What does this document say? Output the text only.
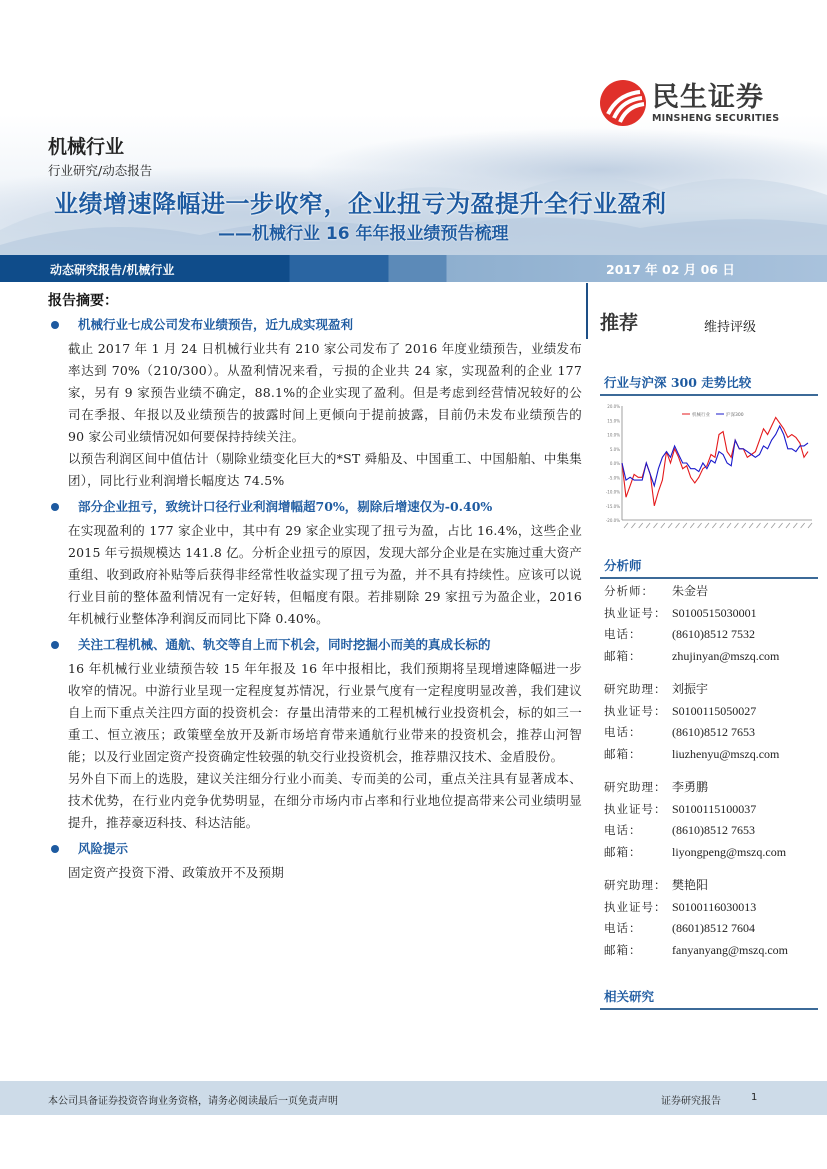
民生证券
MINSHENG SECURITIES
机械行业
行业研究/动态报告
业绩增速降幅进一步收窄，企业扭亏为盈提升全行业盈利
——机械行业 16 年年报业绩预告梳理
动态研究报告/机械行业	2017 年 02 月 06 日
报告摘要：
机械行业七成公司发布业绩预告，近九成实现盈利

截止 2017 年 1 月 24 日机械行业共有 210 家公司发布了 2016 年度业绩预告，业绩发布率达到 70%（210/300）。从盈利情况来看，亏损的企业共 24 家，实现盈利的企业 177 家，另有 9 家预告业绩不确定，88.1%的企业实现了盈利。但是考虑到经营情况较好的公司在季报、年报以及业绩预告的披露时间上更倾向于提前披露，目前仍未发布业绩预告的 90 家公司业绩情况如何要保持持续关注。

以预告利润区间中值估计（剔除业绩变化巨大的*ST 舜船及、中国重工、中国船舶、中集集团），同比行业利润增长幅度达 74.5%

部分企业扭亏，致统计口径行业利润增幅超70%，剔除后增速仅为-0.40%

在实现盈利的 177 家企业中，其中有 29 家企业实现了扭亏为盈，占比 16.4%，这些企业 2015 年亏损规模达 141.8 亿。分析企业扭亏的原因，发现大部分企业是在实施过重大资产重组、收到政府补贴等后获得非经常性收益实现了扭亏为盈，并不具有持续性。应该可以说行业目前的整体盈利情况有一定好转，但幅度有限。若排剔除 29 家扭亏为盈企业，2016 年机械行业整体净利润反而同比下降 0.40%。

关注工程机械、通航、轨交等自上而下机会，同时挖掘小而美的真成长标的

16 年机械行业业绩预告较 15 年年报及 16 年中报相比，我们预期将呈现增速降幅进一步收窄的情况。中游行业呈现一定程度复苏情况，行业景气度有一定程度明显改善，我们建议自上而下重点关注四方面的投资机会：存量出清带来的工程机械行业投资机会，标的如三一重工、恒立液压；政策壁垒放开及新市场培育带来通航行业带来的投资机会，推荐山河智能；以及行业固定资产投资确定性较强的轨交行业投资机会，推荐鼎汉技术、金盾股份。

另外自下而上的选股，建议关注细分行业小而美、专而美的公司，重点关注具有显著成本、技术优势，在行业内竞争优势明显，在细分市场内市占率和行业地位提高带来公司业绩明显提升，推荐豪迈科技、科达洁能。

风险提示

固定资产投资下滑、政策放开不及预期

推荐	维持评级
行业与沪深 300 走势比较
20.0%
15.0%
10.0%
5.0%
0.0%
-5.0%
-10.0%
-15.0%
-20.0%
机械行业	沪深300
分析师
分析师：	朱金岩
执业证号： S0100515030001
电话：	(8610)8512 7532
邮箱：	zhujinyan@mszq.com
研究助理： 刘振宇
执业证号： S0100115050027
电话：	(8610)8512 7653
邮箱：	liuzhenyu@mszq.com
研究助理： 李勇鹏
执业证号： S0100115100037
电话：	(8610)8512 7653
邮箱：	liyongpeng@mszq.com
研究助理： 樊艳阳
执业证号： S0100116030013
电话：	(8601)8512 7604
邮箱：	fanyanyang@mszq.com
相关研究
本公司具备证券投资咨询业务资格，请务必阅读最后一页免责声明	证券研究报告	1
